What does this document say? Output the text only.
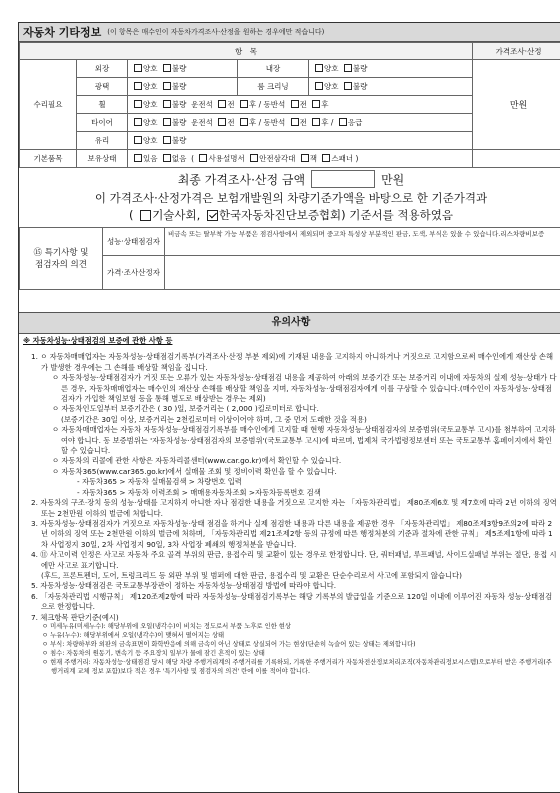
자동차 기타정보 (이 항목은 매수인이 자동차가격조사·산정을 원하는 경우에만 적습니다)
항　목					가격조사·산정
수리필요	외장	양호 불량	내장	양호 불량	만원
	광택	양호 불량	룸 크리닝	양호 불량	
	휠	양호 불량 운전석 전 후 / 동반석 전 후			
	타이어	양호 불량 운전석 전 후 / 동반석 전 후 / 응급			
	유리	양호 불량			
기본품목	보유상태	있음 없음  ( 사용설명서 안전삼각대 잭 스패너 )			
최종 가격조사·산정 금액	만원
이 가격조사·산정가격은 보험개발원의 차량기준가액을 바탕으로 한 기준가격과
( 기술사회, 한국자동차진단보증협회) 기준서를 적용하였음
⑮ 특기사항 및
점검자의 의견	성능·상태점검자	비금속 또는 탈부착 가능 부품은 점검사항에서 제외되며 중고차 특성상 부분적인 판금, 도색, 부식은 있을 수 있습니다.리스차량비보증
	가격·조사산정자	
유의사항
※ 자동차성능·상태점검의 보증에 관한 사항 등

1. ㅇ 자동차매매업자는 자동차성능·상태점검기록부(가격조사·산정 부분 제외)에 기재된 내용을 고지하지 아니하거나 거짓으로 고지함으로써 매수인에게 재산상 손해가 발생한 경우에는 그 손해를 배상할 책임을 집니다.

ㅇ 자동차성능·상태점검자가 거짓 또는 오류가 있는 자동차성능·상태점검 내용을 제공하여 아래의 보증기간 또는 보증거리 이내에 자동차의 실제 성능·상태가 다른 경우, 자동차매매업자는 매수인의 재산상 손해를 배상할 책임을 지며, 자동차성능·상태점검자에게 이를 구상할 수 있습니다.(매수인이 자동차성능·상태점검자가 가입한 책임보험 등을 통해 별도로 배상받는 경우는 제외)

ㅇ 자동차인도일부터 보증기간은 ( 30 )일, 보증거리는 ( 2,000 )킬로미터로 합니다.

(보증기간은 30일 이상, 보증거리는 2천킬로미터 이상이어야 하며, 그 중 먼저 도래한 것을 적용)

ㅇ 자동차매매업자는 자동차 자동차성능·상태점검기록부를 매수인에게 고지할 때 현행 자동차성능·상태점검자의 보증범위(국토교통부 고시)를 첨부하여 고지하여야 합니다. 동 보증범위는 '자동차성능·상태점검자의 보증범위'(국토교통부 고시)에 따르며, 법제처 국가법령정보센터 또는 국토교통부 홈페이지에서 확인할 수 있습니다.

ㅇ 자동차의 리콜에 관한 사항은 자동차리콜센터(www.car.go.kr)에서 확인할 수 있습니다.

ㅇ 자동차365(www.car365.go.kr)에서 실매물 조회 및 정비이력 확인을 할 수 있습니다.

- 자동차365 > 자동차 실매물검색 > 차량번호 입력

- 자동차365 > 자동차 이력조회 > 매매용자동차조회 >자동차등록번호 검색

2. 자동차의 구조·장치 등의 성능·상태를 고지하지 아니한 자나 점검한 내용을 거짓으로 고지한 자는 「자동차관리법」 제80조제6호 및 제7호에 따라 2년 이하의 징역 또는 2천만원 이하의 벌금에 처합니다.

3. 자동차성능·상태점검자가 거짓으로 자동차성능·상태 점검을 하거나 실제 점검한 내용과 다른 내용을 제공한 경우 「자동차관리법」 제80조제3항9조의2에 따라 2년 이하의 징역 또는 2천만원 이하의 벌금에 처하며, 「자동차관리법 제21조제2항 등의 규정에 따른 행정처분의 기준과 절차에 관한 규칙」 제5조제1항에 따라 1차 사업정지 30일, 2차 사업정지 90일, 3차 사업장 폐쇄의 행정처분을 받습니다.

4. ⑪ 사고이력 인정은 사고로 자동차 주요 골격 부위의 판금, 용접수리 및 교환이 있는 경우로 한정합니다. 단, 쿼터패널, 루프패널, 사이드실패널 부위는 절단, 용접 시에만 사고로 표기합니다.

(후드, 프론트펜더, 도어, 트렁크리드 등 외판 부위 및 범퍼에 대한 판금, 용접수리 및 교환은 단순수리로서 사고에 포함되지 않습니다)

5. 자동차성능·상태점검은 국토교통부장관이 정하는 자동차성능·상태점검 방법에 따라야 합니다.

6. 「자동차관리법 시행규칙」 제120조제2항에 따라 자동차성능·상태점검기록부는 해당 기록부의 발급일을 기준으로 120일 이내에 이루어진 자동차 성능·상태점검으로 한정합니다.

7. 체크항목 판단기준(예시)

ㅇ 미세누유(미세누수): 해당부위에 오일(냉각수)이 비치는 정도로서 부품 노후로 인한 현상

ㅇ 누유(누수): 해당부위에서 오일(냉각수)이 맺혀서 떨어지는 상태

ㅇ 부식: 차량하부와 외판의 금속표면이 화학반응에 의해 금속이 아닌 상태로 상실되어 가는 현상(단순히 녹슬어 있는 상태는 제외합니다)

ㅇ 침수: 자동차의 원동기, 변속기 등 주요장치 일부가 물에 잠긴 흔적이 있는 상태

ㅇ 현재 주행거리: 자동차성능·상태점검 당시 해당 차량 주행거리계의 주행거리를 기록하되, 기록한 주행거리가 자동차전산정보처리조직(자동차관리정보시스템)으로부터 받은 주행거리(주행거리계 교체 정보 포함)보다 적은 경우 '특기사항 및 점검자의 의견' 란에 이를 적어야 합니다.
